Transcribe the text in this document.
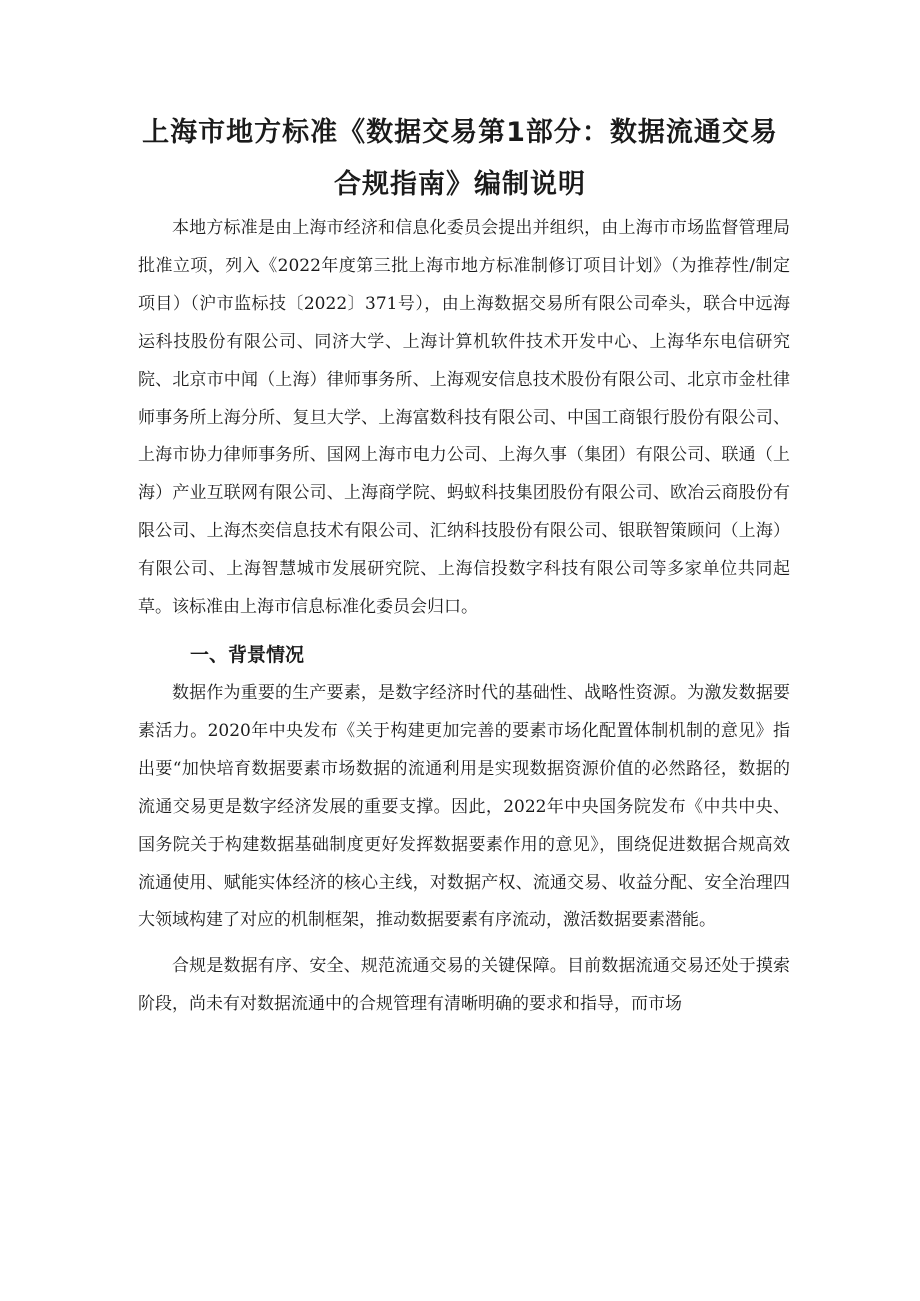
上海市地方标准《数据交易第1部分：数据流通交易
合规指南》编制说明

本地方标准是由上海市经济和信息化委员会提出并组织，由上海市市场监督管理局批准立项，列入《2022年度第三批上海市地方标准制修订项目计划》（为推荐性/制定项目）（沪市监标技〔2022〕371号），由上海数据交易所有限公司牵头，联合中远海运科技股份有限公司、同济大学、上海计算机软件技术开发中心、上海华东电信研究院、北京市中闻（上海）律师事务所、上海观安信息技术股份有限公司、北京市金杜律师事务所上海分所、复旦大学、上海富数科技有限公司、中国工商银行股份有限公司、上海市协力律师事务所、国网上海市电力公司、上海久事（集团）有限公司、联通（上海）产业互联网有限公司、上海商学院、蚂蚁科技集团股份有限公司、欧冶云商股份有限公司、上海杰奕信息技术有限公司、汇纳科技股份有限公司、银联智策顾问（上海）有限公司、上海智慧城市发展研究院、上海信投数字科技有限公司等多家单位共同起草。该标准由上海市信息标准化委员会归口。

一、背景情况

数据作为重要的生产要素，是数字经济时代的基础性、战略性资源。为激发数据要素活力。2020年中央发布《关于构建更加完善的要素市场化配置体制机制的意见》指出要“加快培育数据要素市场数据的流通利用是实现数据资源价值的必然路径，数据的流通交易更是数字经济发展的重要支撑。因此，2022年中央国务院发布《中共中央、国务院关于构建数据基础制度更好发挥数据要素作用的意见》，围绕促进数据合规高效流通使用、赋能实体经济的核心主线，对数据产权、流通交易、收益分配、安全治理四大领域构建了对应的机制框架，推动数据要素有序流动，激活数据要素潜能。

合规是数据有序、安全、规范流通交易的关键保障。目前数据流通交易还处于摸索阶段，尚未有对数据流通中的合规管理有清晰明确的要求和指导，而市场
